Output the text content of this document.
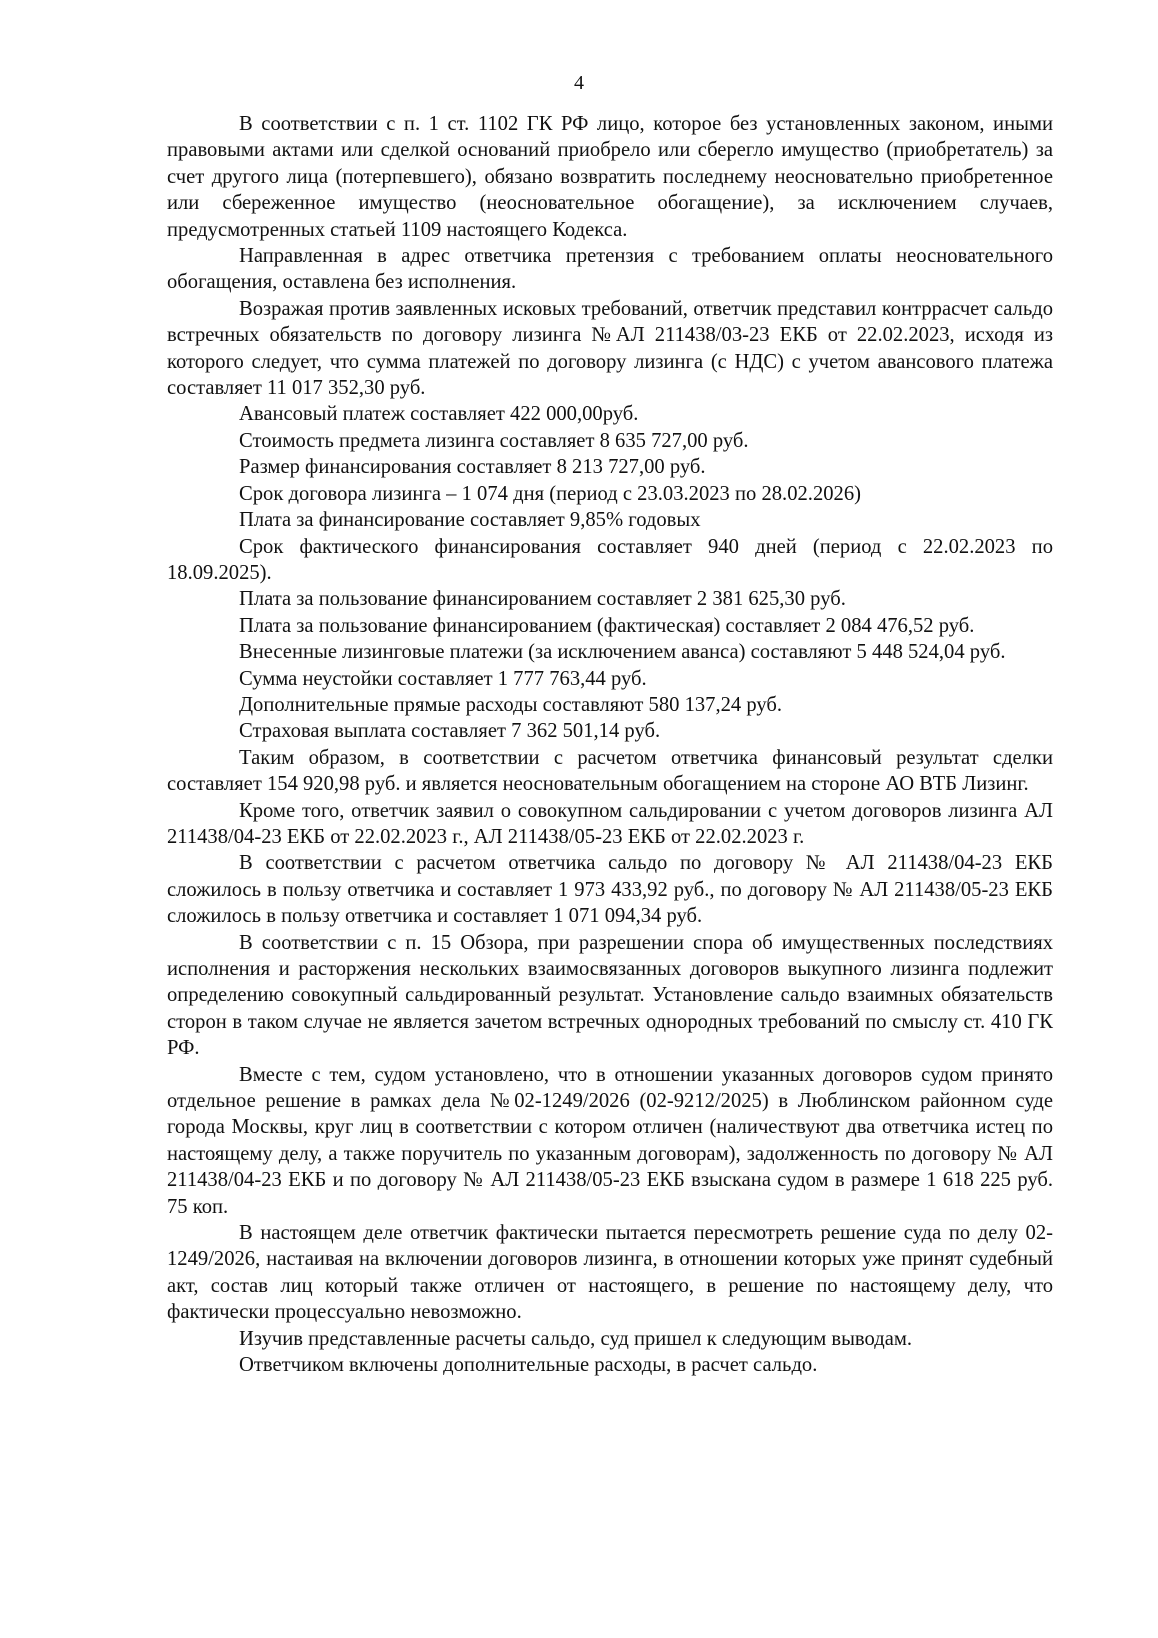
4

В соответствии с п. 1 ст. 1102 ГК РФ лицо, которое без установленных законом, иными правовыми актами или сделкой оснований приобрело или сберегло имущество (приобретатель) за счет другого лица (потерпевшего), обязано возвратить последнему неосновательно приобретенное или сбереженное имущество (неосновательное обогащение), за исключением случаев, предусмотренных статьей 1109 настоящего Кодекса.

Направленная в адрес ответчика претензия с требованием оплаты неосновательного обогащения, оставлена без исполнения.

Возражая против заявленных исковых требований, ответчик представил контррасчет сальдо встречных обязательств по договору лизинга №АЛ 211438/03-23 ЕКБ от 22.02.2023, исходя из которого следует, что сумма платежей по договору лизинга (с НДС) с учетом авансового платежа составляет 11 017 352,30 руб.

Авансовый платеж составляет 422 000,00руб.

Стоимость предмета лизинга составляет 8 635 727,00 руб.

Размер финансирования составляет 8 213 727,00 руб.

Срок договора лизинга – 1 074 дня (период с 23.03.2023 по 28.02.2026)

Плата за финансирование составляет 9,85% годовых

Срок фактического финансирования составляет 940 дней (период с 22.02.2023 по 18.09.2025).

Плата за пользование финансированием составляет 2 381 625,30 руб.

Плата за пользование финансированием (фактическая) составляет 2 084 476,52 руб.

Внесенные лизинговые платежи (за исключением аванса) составляют 5 448 524,04 руб.

Сумма неустойки составляет 1 777 763,44 руб.

Дополнительные прямые расходы составляют 580 137,24 руб.

Страховая выплата составляет 7 362 501,14 руб.

Таким образом, в соответствии с расчетом ответчика финансовый результат сделки составляет 154 920,98 руб. и является неосновательным обогащением на стороне АО ВТБ Лизинг.

Кроме того, ответчик заявил о совокупном сальдировании с учетом договоров лизинга АЛ 211438/04-23 ЕКБ от 22.02.2023 г., АЛ 211438/05-23 ЕКБ от 22.02.2023 г.

В соответствии с расчетом ответчика сальдо по договору № АЛ 211438/04-23 ЕКБ сложилось в пользу ответчика и составляет 1 973 433,92 руб., по договору № АЛ 211438/05-23 ЕКБ сложилось в пользу ответчика и составляет 1 071 094,34 руб.

В соответствии с п. 15 Обзора, при разрешении спора об имущественных последствиях исполнения и расторжения нескольких взаимосвязанных договоров выкупного лизинга подлежит определению совокупный сальдированный результат. Установление сальдо взаимных обязательств сторон в таком случае не является зачетом встречных однородных требований по смыслу ст. 410 ГК РФ.

Вместе с тем, судом установлено, что в отношении указанных договоров судом принято отдельное решение в рамках дела №02-1249/2026 (02-9212/2025) в Люблинском районном суде города Москвы, круг лиц в соответствии с котором отличен (наличествуют два ответчика истец по настоящему делу, а также поручитель по указанным договорам), задолженность по договору № АЛ 211438/04-23 ЕКБ и по договору № АЛ 211438/05-23 ЕКБ взыскана судом в размере 1 618 225 руб. 75 коп.

В настоящем деле ответчик фактически пытается пересмотреть решение суда по делу 02-1249/2026, настаивая на включении договоров лизинга, в отношении которых уже принят судебный акт, состав лиц который также отличен от настоящего, в решение по настоящему делу, что фактически процессуально невозможно.

Изучив представленные расчеты сальдо, суд пришел к следующим выводам.

Ответчиком включены дополнительные расходы, в расчет сальдо.
